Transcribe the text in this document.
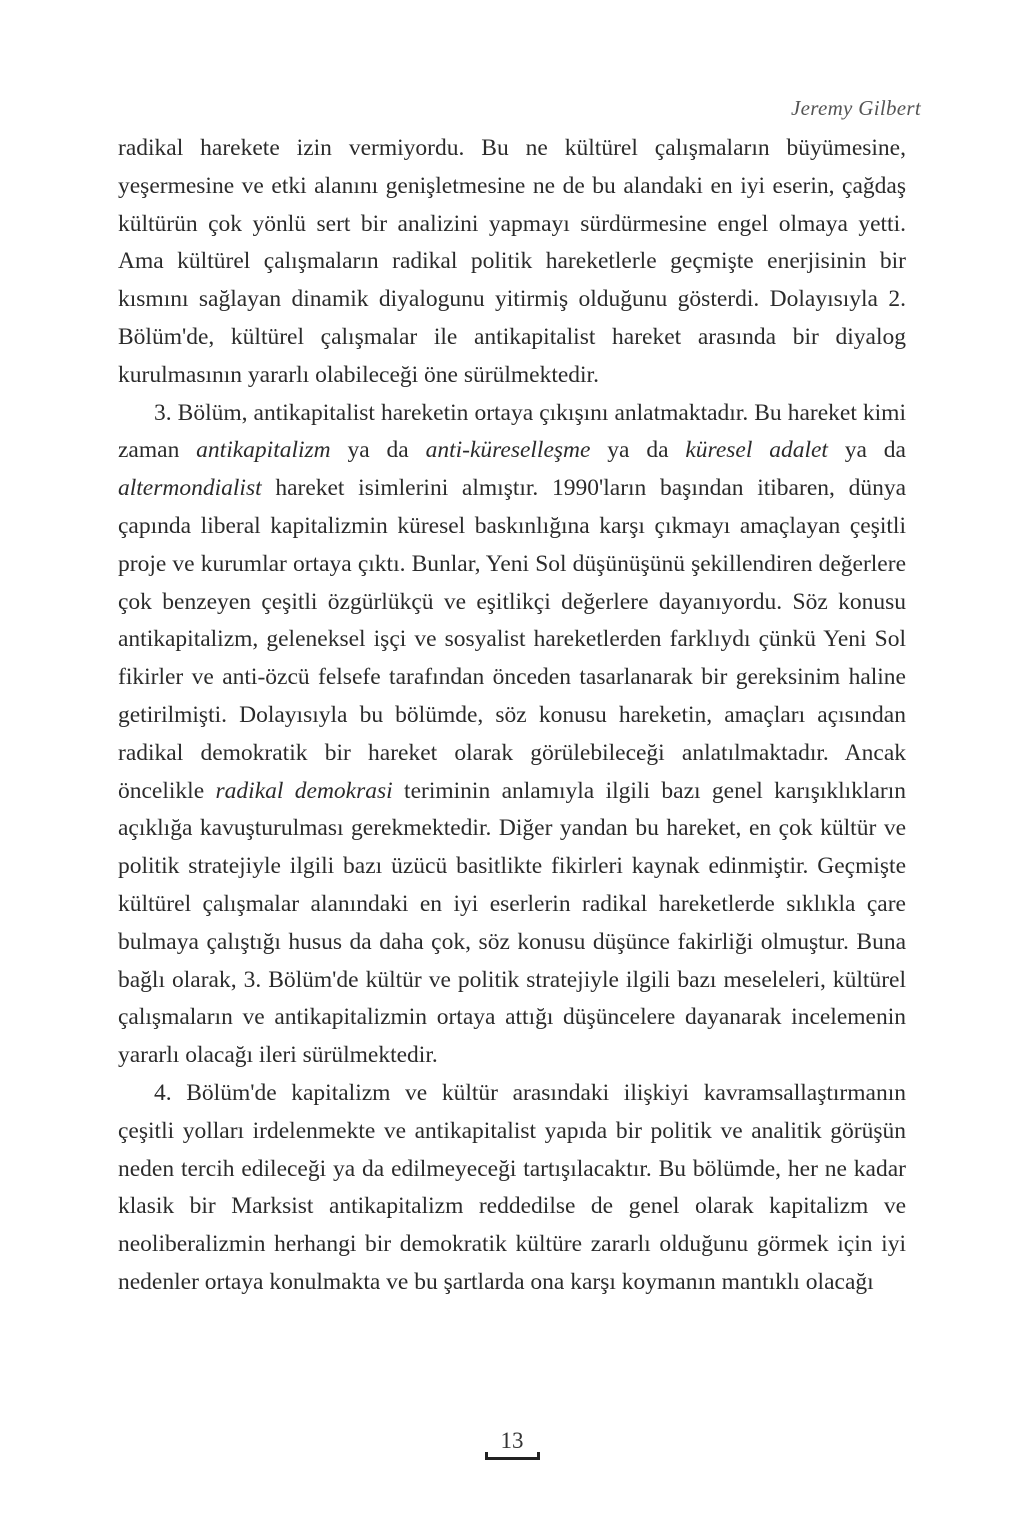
Jeremy Gilbert

radikal harekete izin vermiyordu. Bu ne kültürel çalışmaların büyümesine, yeşermesine ve etki alanını genişletmesine ne de bu alandaki en iyi eserin, çağdaş kültürün çok yönlü sert bir analizini yapmayı sürdürmesine engel olmaya yetti. Ama kültürel çalışmaların radikal politik hareketlerle geçmişte enerjisinin bir kısmını sağlayan dinamik diyalogunu yitirmiş olduğunu gösterdi. Dolayısıyla 2. Bölüm'de, kültürel çalışmalar ile antikapitalist hareket arasında bir diyalog kurulmasının yararlı olabileceği öne sürülmektedir.

3. Bölüm, antikapitalist hareketin ortaya çıkışını anlatmaktadır. Bu hareket kimi zaman antikapitalizm ya da anti-küreselleşme ya da küresel adalet ya da altermondialist hareket isimlerini almıştır. 1990'ların başından itibaren, dünya çapında liberal kapitalizmin küresel baskınlığına karşı çıkmayı amaçlayan çeşitli proje ve kurumlar ortaya çıktı. Bunlar, Yeni Sol düşünüşünü şekillendiren değerlere çok benzeyen çeşitli özgürlükçü ve eşitlikçi değerlere dayanıyordu. Söz konusu antikapitalizm, geleneksel işçi ve sosyalist hareketlerden farklıydı çünkü Yeni Sol fikirler ve anti-özcü felsefe tarafından önceden tasarlanarak bir gereksinim haline getirilmişti. Dolayısıyla bu bölümde, söz konusu hareketin, amaçları açısından radikal demokratik bir hareket olarak görülebileceği anlatılmaktadır. Ancak öncelikle radikal demokrasi teriminin anlamıyla ilgili bazı genel karışıklıkların açıklığa kavuşturulması gerekmektedir. Diğer yandan bu hareket, en çok kültür ve politik stratejiyle ilgili bazı üzücü basitlikte fikirleri kaynak edinmiştir. Geçmişte kültürel çalışmalar alanındaki en iyi eserlerin radikal hareketlerde sıklıkla çare bulmaya çalıştığı husus da daha çok, söz konusu düşünce fakirliği olmuştur. Buna bağlı olarak, 3. Bölüm'de kültür ve politik stratejiyle ilgili bazı meseleleri, kültürel çalışmaların ve antikapitalizmin ortaya attığı düşüncelere dayanarak incelemenin yararlı olacağı ileri sürülmektedir.

4. Bölüm'de kapitalizm ve kültür arasındaki ilişkiyi kavramsallaştırmanın çeşitli yolları irdelenmekte ve antikapitalist yapıda bir politik ve analitik görüşün neden tercih edileceği ya da edilmeyeceği tartışılacaktır. Bu bölümde, her ne kadar klasik bir Marksist antikapitalizm reddedilse de genel olarak kapitalizm ve neoliberalizmin herhangi bir demokratik kültüre zararlı olduğunu görmek için iyi nedenler ortaya konulmakta ve bu şartlarda ona karşı koymanın mantıklı olacağı

13
